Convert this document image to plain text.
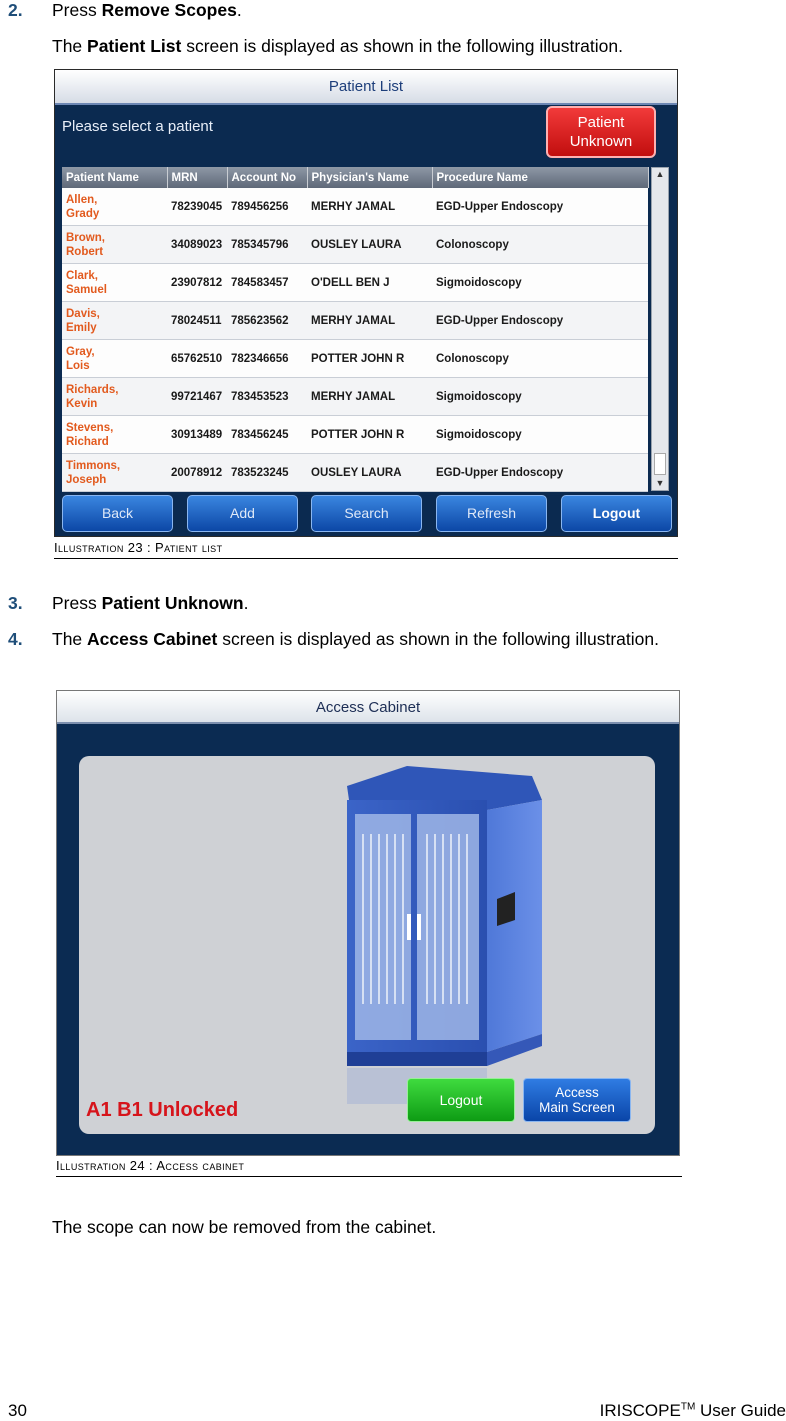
2. Press Remove Scopes.
The Patient List screen is displayed as shown in the following illustration.
Patient List
Please select a patient	Patient
Unknown
Patient Name	MRN	Account No	Physician's Name	Procedure Name
Allen,
Grady	78239045	789456256	MERHY JAMAL	EGD-Upper Endoscopy
Brown,
Robert	34089023	785345796	OUSLEY LAURA	Colonoscopy
Clark,
Samuel	23907812	784583457	O'DELL BEN J	Sigmoidoscopy
Davis,
Emily	78024511	785623562	MERHY JAMAL	EGD-Upper Endoscopy
Gray,
Lois	65762510	782346656	POTTER JOHN R	Colonoscopy
Richards,
Kevin	99721467	783453523	MERHY JAMAL	Sigmoidoscopy
Stevens,
Richard	30913489	783456245	POTTER JOHN R	Sigmoidoscopy
Timmons,
Joseph	20078912	783523245	OUSLEY LAURA	EGD-Upper Endoscopy
▲
▼
Back	Add	Search	Refresh	Logout
Illustration 23 : Patient list
3. Press Patient Unknown.
4. The Access Cabinet screen is displayed as shown in the following illustration.
Access Cabinet
A1 B1 Unlocked	Logout	Access
Main Screen
Illustration 24 : Access cabinet
The scope can now be removed from the cabinet.
30	IRISCOPE™ User Guide
